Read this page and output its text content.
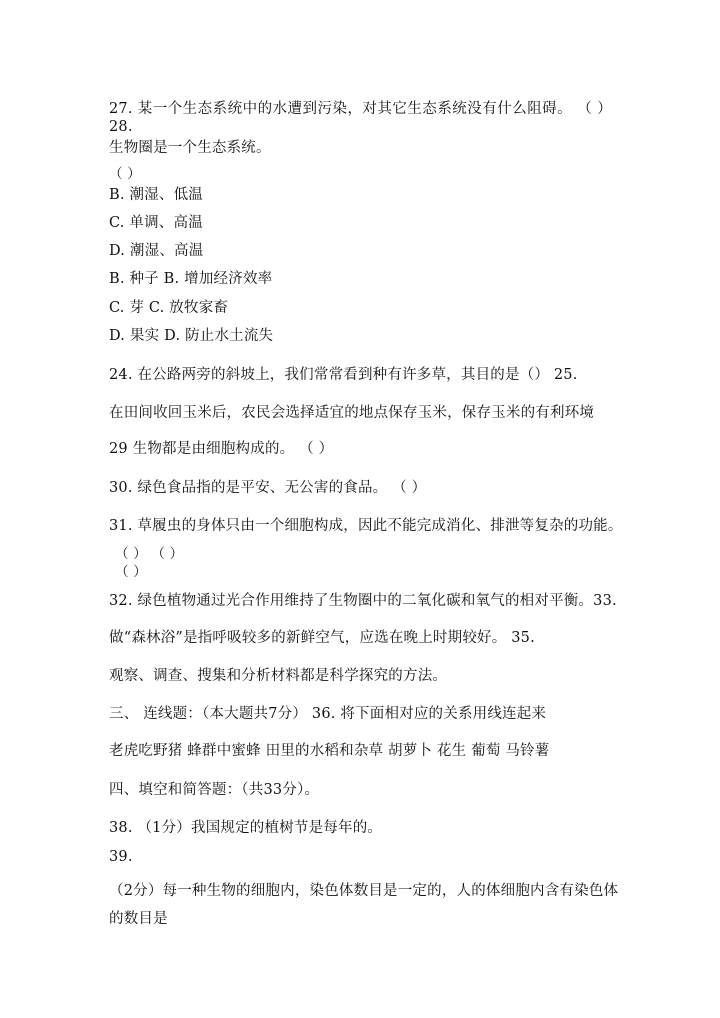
27. 某一个生态系统中的水遭到污染，对其它生态系统没有什么阻碍。 （ ） 28.
生物圈是一个生态系统。
（ ）
B. 潮湿、低温
C. 单调、高温
D. 潮湿、高温
B. 种子 B. 增加经济效率
C. 芽 C. 放牧家畜
D. 果实 D. 防止水土流失
24. 在公路两旁的斜坡上，我们常常看到种有许多草，其目的是（） 25.
在田间收回玉米后，农民会选择适宜的地点保存玉米，保存玉米的有利环境
29 生物都是由细胞构成的。 （ ）
30. 绿色食品指的是平安、无公害的食品。 （ ）
31. 草履虫的身体只由一个细胞构成，因此不能完成消化、排泄等复杂的功能。
（ ） （ ）
（ ）
32. 绿色植物通过光合作用维持了生物圈中的二氧化碳和氧气的相对平衡。33.
做“森林浴”是指呼吸较多的新鲜空气，应选在晚上时期较好。 35.
观察、调查、搜集和分析材料都是科学探究的方法。
三、 连线题：（本大题共7分） 36. 将下面相对应的关系用线连起来
老虎吃野猪 蜂群中蜜蜂 田里的水稻和杂草 胡萝卜 花生 葡萄 马铃薯
四、填空和简答题：（共33分）。
38. （1分）我国规定的植树节是每年的。
39.
（2分）每一种生物的细胞内，染色体数目是一定的，人的体细胞内含有染色体
的数目是
